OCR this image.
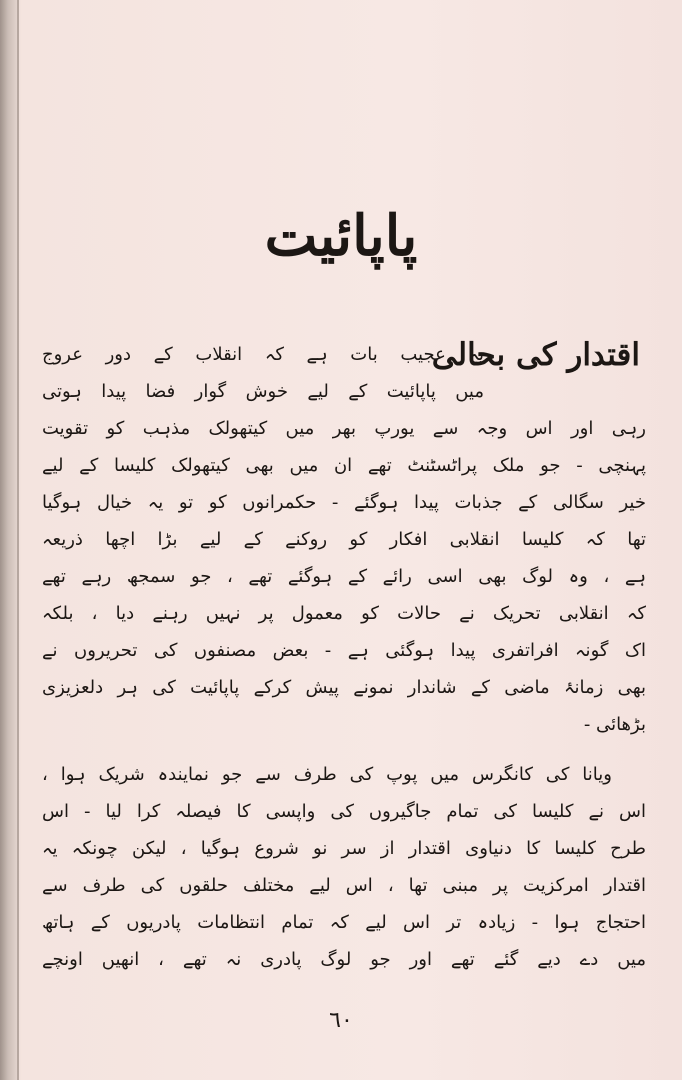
پاپائیت
اقتدار کی بحالی
یہ عجیب بات ہے کہ انقلاب کے دور عروج
میں پاپائیت کے لیے خوش گوار فضا پیدا ہوتی
رہی اور اس وجہ سے یورپ بھر میں کیتھولک مذہب کو تقویت
پہنچی - جو ملک پراٹسٹنٹ تھے ان میں بھی کیتھولک کلیسا کے لیے
خیر سگالی کے جذبات پیدا ہوگئے - حکمرانوں کو تو یہ خیال ہوگیا
تھا کہ کلیسا انقلابی افکار کو روکنے کے لیے بڑا اچھا ذریعہ
ہے ، وہ لوگ بھی اسی رائے کے ہوگئے تھے ، جو سمجھ رہے تھے
کہ انقلابی تحریک نے حالات کو معمول پر نہیں رہنے دیا ، بلکہ
اک گونہ افراتفری پیدا ہوگئی ہے - بعض مصنفوں کی تحریروں نے
بھی زمانۂ ماضی کے شاندار نمونے پیش کرکے پاپائیت کی ہر دلعزیزی
بڑھائی -
ویانا کی کانگرس میں پوپ کی طرف سے جو نمایندہ شریک ہوا ،
اس نے کلیسا کی تمام جاگیروں کی واپسی کا فیصلہ کرا لیا - اس
طرح کلیسا کا دنیاوی اقتدار از سر نو شروع ہوگیا ، لیکن چونکہ یہ
اقتدار امرکزیت پر مبنی تھا ، اس لیے مختلف حلقوں کی طرف سے
احتجاج ہوا - زیادہ تر اس لیے کہ تمام انتظامات پادریوں کے ہاتھ
میں دے دیے گئے تھے اور جو لوگ پادری نہ تھے ، انھیں اونچے
٦٠
